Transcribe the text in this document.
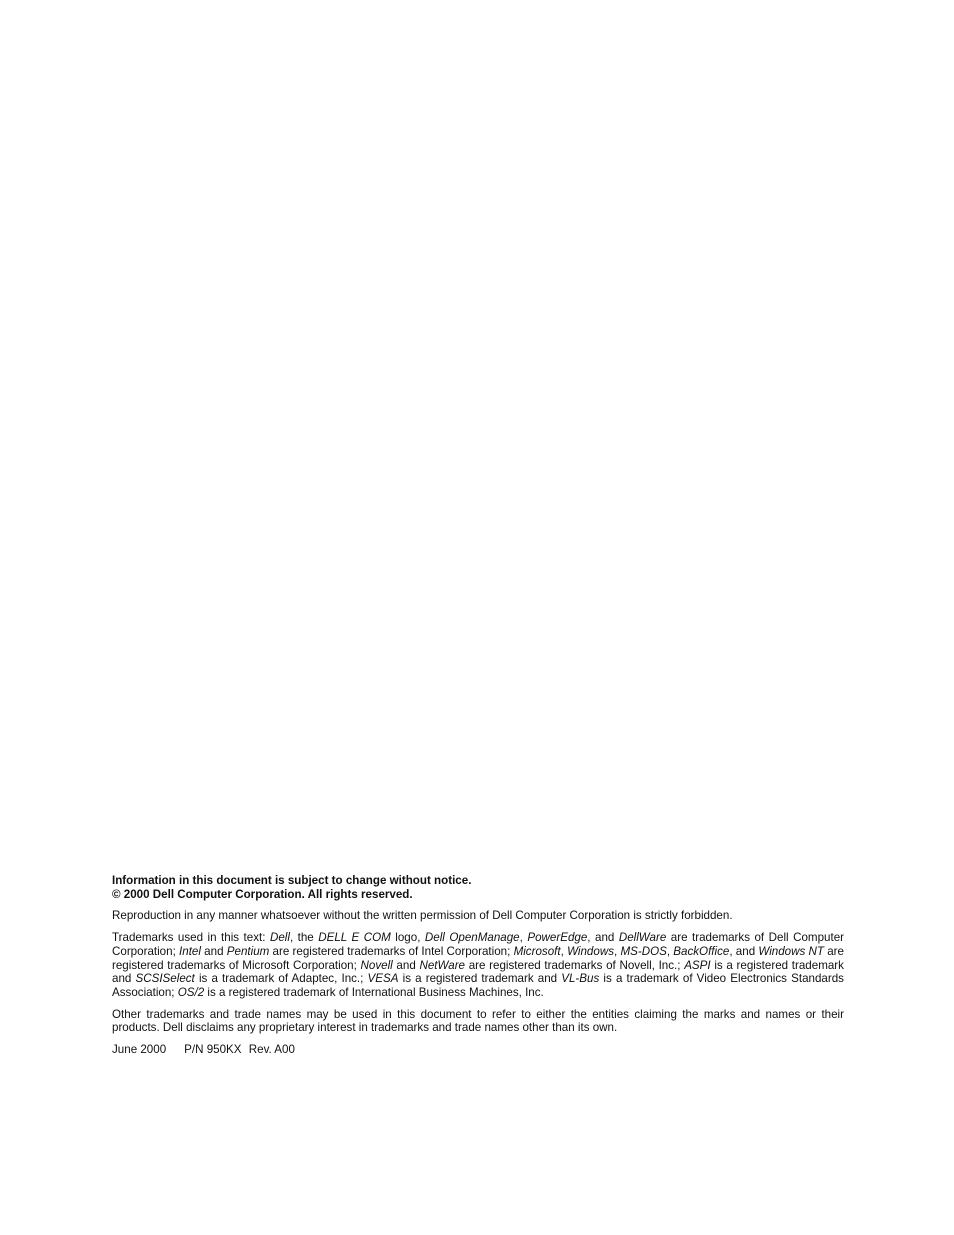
Information in this document is subject to change without notice.
© 2000 Dell Computer Corporation. All rights reserved.

Reproduction in any manner whatsoever without the written permission of Dell Computer Corporation is strictly forbidden.

Trademarks used in this text: Dell, the DELL E COM logo, Dell OpenManage, PowerEdge, and DellWare are trademarks of Dell Computer Corporation; Intel and Pentium are registered trademarks of Intel Corporation; Microsoft, Windows, MS-DOS, BackOffice, and Windows NT are registered trademarks of Microsoft Corporation; Novell and NetWare are registered trademarks of Novell, Inc.; ASPI is a registered trademark and SCSISelect is a trademark of Adaptec, Inc.; VESA is a registered trademark and VL-Bus is a trademark of Video Electronics Standards Association; OS/2 is a registered trademark of International Business Machines, Inc.

Other trademarks and trade names may be used in this document to refer to either the entities claiming the marks and names or their products. Dell disclaims any proprietary interest in trademarks and trade names other than its own.

June 2000 P/N 950KX Rev. A00
